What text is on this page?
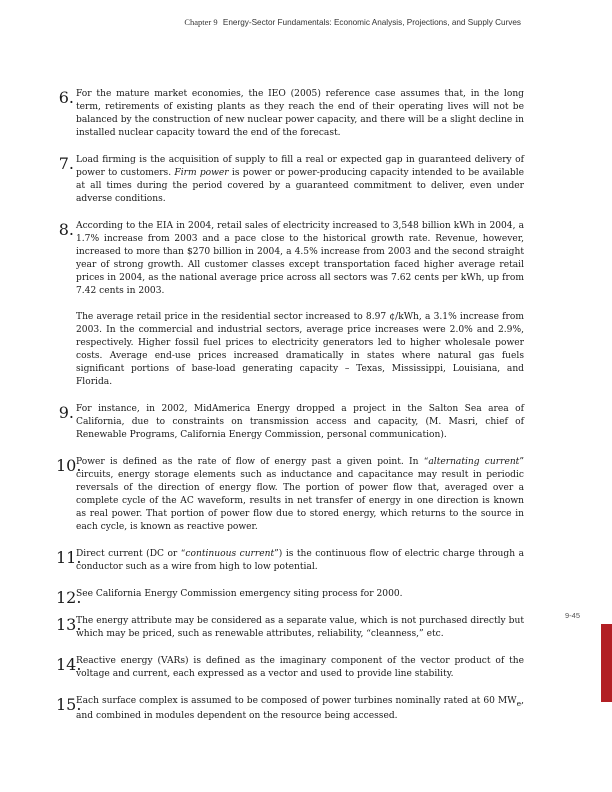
Chapter 9 Energy-Sector Fundamentals: Economic Analysis, Projections, and Supply Curves
6. For the mature market economies, the IEO (2005) reference case assumes that, in the long term, retirements of existing plants as they reach the end of their operating lives will not be balanced by the construction of new nuclear power capacity, and there will be a slight decline in installed nuclear capacity toward the end of the forecast.

7. Load firming is the acquisition of supply to fill a real or expected gap in guaranteed delivery of power to customers. Firm power is power or power-producing capacity intended to be available at all times during the period covered by a guaranteed commitment to deliver, even under adverse conditions.

8. According to the EIA in 2004, retail sales of electricity increased to 3,548 billion kWh in 2004, a 1.7% increase from 2003 and a pace close to the historical growth rate. Revenue, however, increased to more than $270 billion in 2004, a 4.5% increase from 2003 and the second straight year of strong growth. All customer classes except transportation faced higher average retail prices in 2004, as the national average price across all sectors was 7.62 cents per kWh, up from 7.42 cents in 2003.

The average retail price in the residential sector increased to 8.97 ¢/kWh, a 3.1% increase from 2003. In the commercial and industrial sectors, average price increases were 2.0% and 2.9%, respectively. Higher fossil fuel prices to electricity generators led to higher wholesale power costs. Average end-use prices increased dramatically in states where natural gas fuels significant portions of base-load generating capacity – Texas, Mississippi, Louisiana, and Florida.

9. For instance, in 2002, MidAmerica Energy dropped a project in the Salton Sea area of California, due to constraints on transmission access and capacity, (M. Masri, chief of Renewable Programs, California Energy Commission, personal communication).

10.

Power is defined as the rate of flow of energy past a given point. In “alternating current” circuits, energy storage elements such as inductance and capacitance may result in periodic reversals of the direction of energy flow. The portion of power flow that, averaged over a complete cycle of the AC waveform, results in net transfer of energy in one direction is known as real power. That portion of power flow due to stored energy, which returns to the source in each cycle, is known as reactive power.

11.

Direct current (DC or “continuous current”) is the continuous flow of electric charge through a conductor such as a wire from high to low potential.

12.

See California Energy Commission emergency siting process for 2000.

13.

The energy attribute may be considered as a separate value, which is not purchased directly but which may be priced, such as renewable attributes, reliability, “cleanness,” etc.

14.

Reactive energy (VARs) is defined as the imaginary component of the vector product of the voltage and current, each expressed as a vector and used to provide line stability.

15.

Each surface complex is assumed to be composed of power turbines nominally rated at 60 $MW_e$, and combined in modules dependent on the resource being accessed.

9-45
